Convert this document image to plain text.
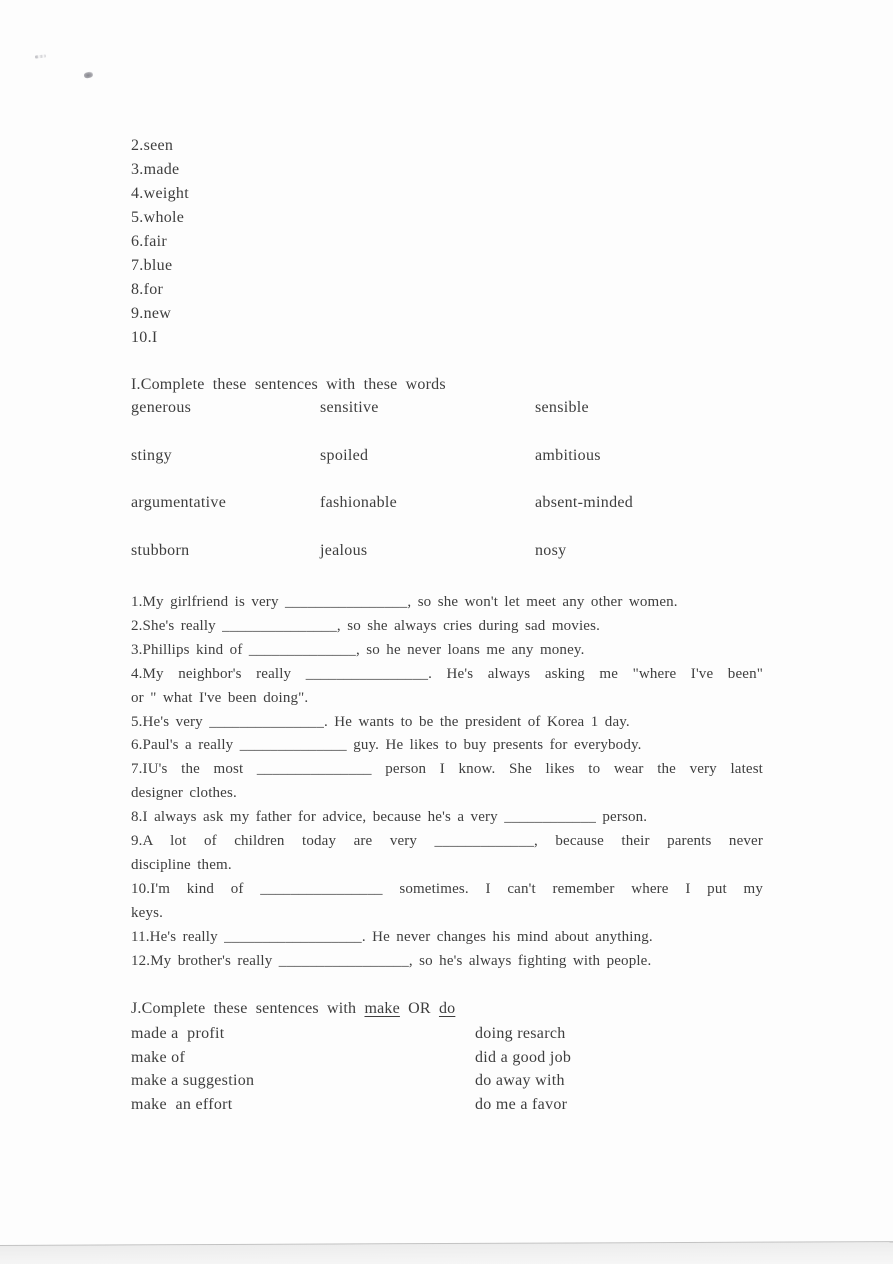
2.seen
3.made
4.weight
5.whole
6.fair
7.blue
8.for
9.new
10.I
I.Complete these sentences with these words
generous	sensitive	sensible
stingy	spoiled	ambitious
argumentative	fashionable	absent-minded
stubborn	jealous	nosy
1.My girlfriend is very ________________, so she won't let meet any other women.
2.She's really _______________, so she always cries during sad movies.
3.Phillips kind of ______________, so he never loans me any money.
4.My neighbor's really ________________. He's always asking me "where I've been"
or " what I've been doing".
5.He's very _______________. He wants to be the president of Korea 1 day.
6.Paul's a really ______________ guy. He likes to buy presents for everybody.
7.IU's the most _______________ person I know. She likes to wear the very latest
designer clothes.
8.I always ask my father for advice, because he's a very ____________ person.
9.A lot of children today are very _____________, because their parents never
discipline them.
10.I'm kind of ________________ sometimes. I can't remember where I put my
keys.
11.He's really __________________. He never changes his mind about anything.
12.My brother's really _________________, so he's always fighting with people.
J.Complete these sentences with make OR do
made a  profit	doing resarch
make of	did a good job
make a suggestion	do away with
make  an effort	do me a favor
